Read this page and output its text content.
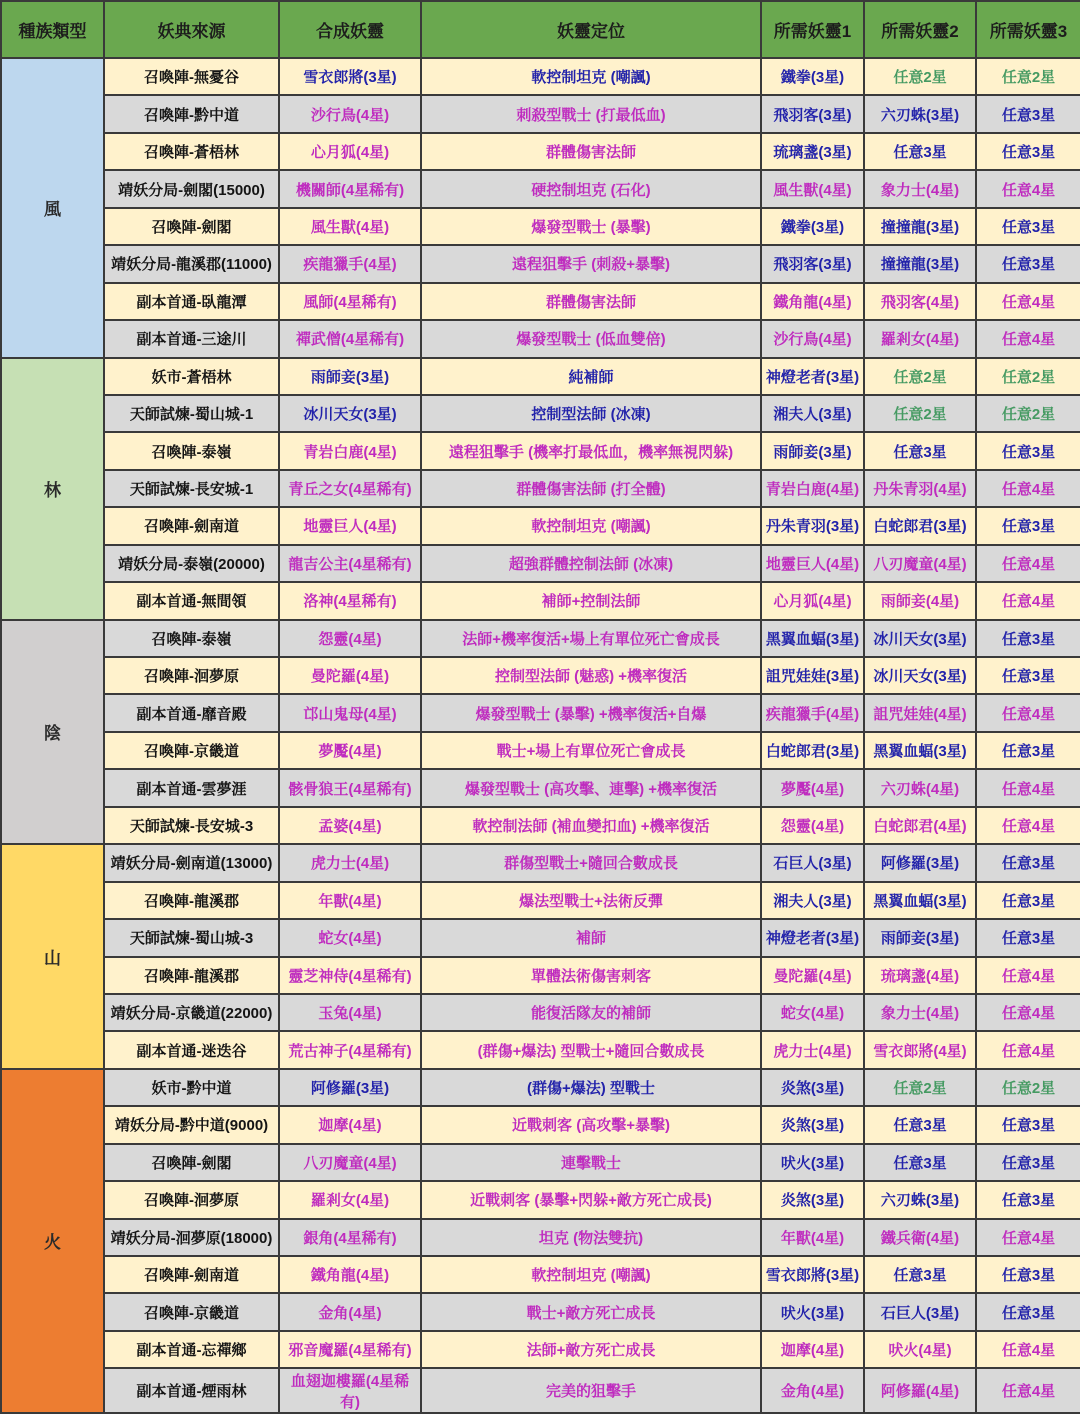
種族類型	妖典來源	合成妖靈	妖靈定位	所需妖靈1	所需妖靈2	所需妖靈3
風	召喚陣-無憂谷	雪衣郎將(3星)	軟控制坦克 (嘲諷)	鐵拳(3星)	任意2星	任意2星
	召喚陣-黔中道	沙行鳥(4星)	刺殺型戰士 (打最低血)	飛羽客(3星)	六刃蛛(3星)	任意3星
	召喚陣-蒼梧林	心月狐(4星)	群體傷害法師	琉璃盞(3星)	任意3星	任意3星
	靖妖分局-劍閣(15000)	機關師(4星稀有)	硬控制坦克 (石化)	風生獸(4星)	象力士(4星)	任意4星
	召喚陣-劍閣	風生獸(4星)	爆發型戰士 (暴擊)	鐵拳(3星)	撞撞龍(3星)	任意3星
	靖妖分局-龍溪郡(11000)	疾龍獵手(4星)	遠程狙擊手 (刺殺+暴擊)	飛羽客(3星)	撞撞龍(3星)	任意3星
	副本首通-臥龍潭	風師(4星稀有)	群體傷害法師	鐵角龍(4星)	飛羽客(4星)	任意4星
	副本首通-三途川	禪武僧(4星稀有)	爆發型戰士 (低血雙倍)	沙行鳥(4星)	羅剎女(4星)	任意4星
林	妖市-蒼梧林	雨師妾(3星)	純補師	神燈老者(3星)	任意2星	任意2星
	天師試煉-蜀山城-1	冰川天女(3星)	控制型法師 (冰凍)	湘夫人(3星)	任意2星	任意2星
	召喚陣-泰嶺	青岩白鹿(4星)	遠程狙擊手 (機率打最低血，機率無視閃躲)	雨師妾(3星)	任意3星	任意3星
	天師試煉-長安城-1	青丘之女(4星稀有)	群體傷害法師 (打全體)	青岩白鹿(4星)	丹朱青羽(4星)	任意4星
	召喚陣-劍南道	地靈巨人(4星)	軟控制坦克 (嘲諷)	丹朱青羽(3星)	白蛇郎君(3星)	任意3星
	靖妖分局-泰嶺(20000)	龍吉公主(4星稀有)	超強群體控制法師 (冰凍)	地靈巨人(4星)	八刃魔童(4星)	任意4星
	副本首通-無間領	洛神(4星稀有)	補師+控制法師	心月狐(4星)	雨師妾(4星)	任意4星
陰	召喚陣-泰嶺	怨靈(4星)	法師+機率復活+場上有單位死亡會成長	黑翼血蝠(3星)	冰川天女(3星)	任意3星
	召喚陣-洄夢原	曼陀羅(4星)	控制型法師 (魅惑) +機率復活	詛咒娃娃(3星)	冰川天女(3星)	任意3星
	副本首通-靡音殿	邙山鬼母(4星)	爆發型戰士 (暴擊) +機率復活+自爆	疾龍獵手(4星)	詛咒娃娃(4星)	任意4星
	召喚陣-京畿道	夢魘(4星)	戰士+場上有單位死亡會成長	白蛇郎君(3星)	黑翼血蝠(3星)	任意3星
	副本首通-雲夢涯	骸骨狼王(4星稀有)	爆發型戰士 (高攻擊、連擊) +機率復活	夢魘(4星)	六刃蛛(4星)	任意4星
	天師試煉-長安城-3	孟婆(4星)	軟控制法師 (補血變扣血) +機率復活	怨靈(4星)	白蛇郎君(4星)	任意4星
山	靖妖分局-劍南道(13000)	虎力士(4星)	群傷型戰士+隨回合數成長	石巨人(3星)	阿修羅(3星)	任意3星
	召喚陣-龍溪郡	年獸(4星)	爆法型戰士+法術反彈	湘夫人(3星)	黑翼血蝠(3星)	任意3星
	天師試煉-蜀山城-3	蛇女(4星)	補師	神燈老者(3星)	雨師妾(3星)	任意3星
	召喚陣-龍溪郡	靈芝神侍(4星稀有)	單體法術傷害刺客	曼陀羅(4星)	琉璃盞(4星)	任意4星
	靖妖分局-京畿道(22000)	玉兔(4星)	能復活隊友的補師	蛇女(4星)	象力士(4星)	任意4星
	副本首通-迷迭谷	荒古神子(4星稀有)	(群傷+爆法) 型戰士+隨回合數成長	虎力士(4星)	雪衣郎將(4星)	任意4星
火	妖市-黔中道	阿修羅(3星)	(群傷+爆法) 型戰士	炎煞(3星)	任意2星	任意2星
	靖妖分局-黔中道(9000)	迦摩(4星)	近戰刺客 (高攻擊+暴擊)	炎煞(3星)	任意3星	任意3星
	召喚陣-劍閣	八刃魔童(4星)	連擊戰士	吠火(3星)	任意3星	任意3星
	召喚陣-洄夢原	羅剎女(4星)	近戰刺客 (暴擊+閃躲+敵方死亡成長)	炎煞(3星)	六刃蛛(3星)	任意3星
	靖妖分局-洄夢原(18000)	銀角(4星稀有)	坦克 (物法雙抗)	年獸(4星)	鐵兵衛(4星)	任意4星
	召喚陣-劍南道	鐵角龍(4星)	軟控制坦克 (嘲諷)	雪衣郎將(3星)	任意3星	任意3星
	召喚陣-京畿道	金角(4星)	戰士+敵方死亡成長	吠火(3星)	石巨人(3星)	任意3星
	副本首通-忘禪鄉	邪音魔羅(4星稀有)	法師+敵方死亡成長	迦摩(4星)	吠火(4星)	任意4星
	副本首通-煙雨林	血翅迦樓羅(4星稀有)	完美的狙擊手	金角(4星)	阿修羅(4星)	任意4星
